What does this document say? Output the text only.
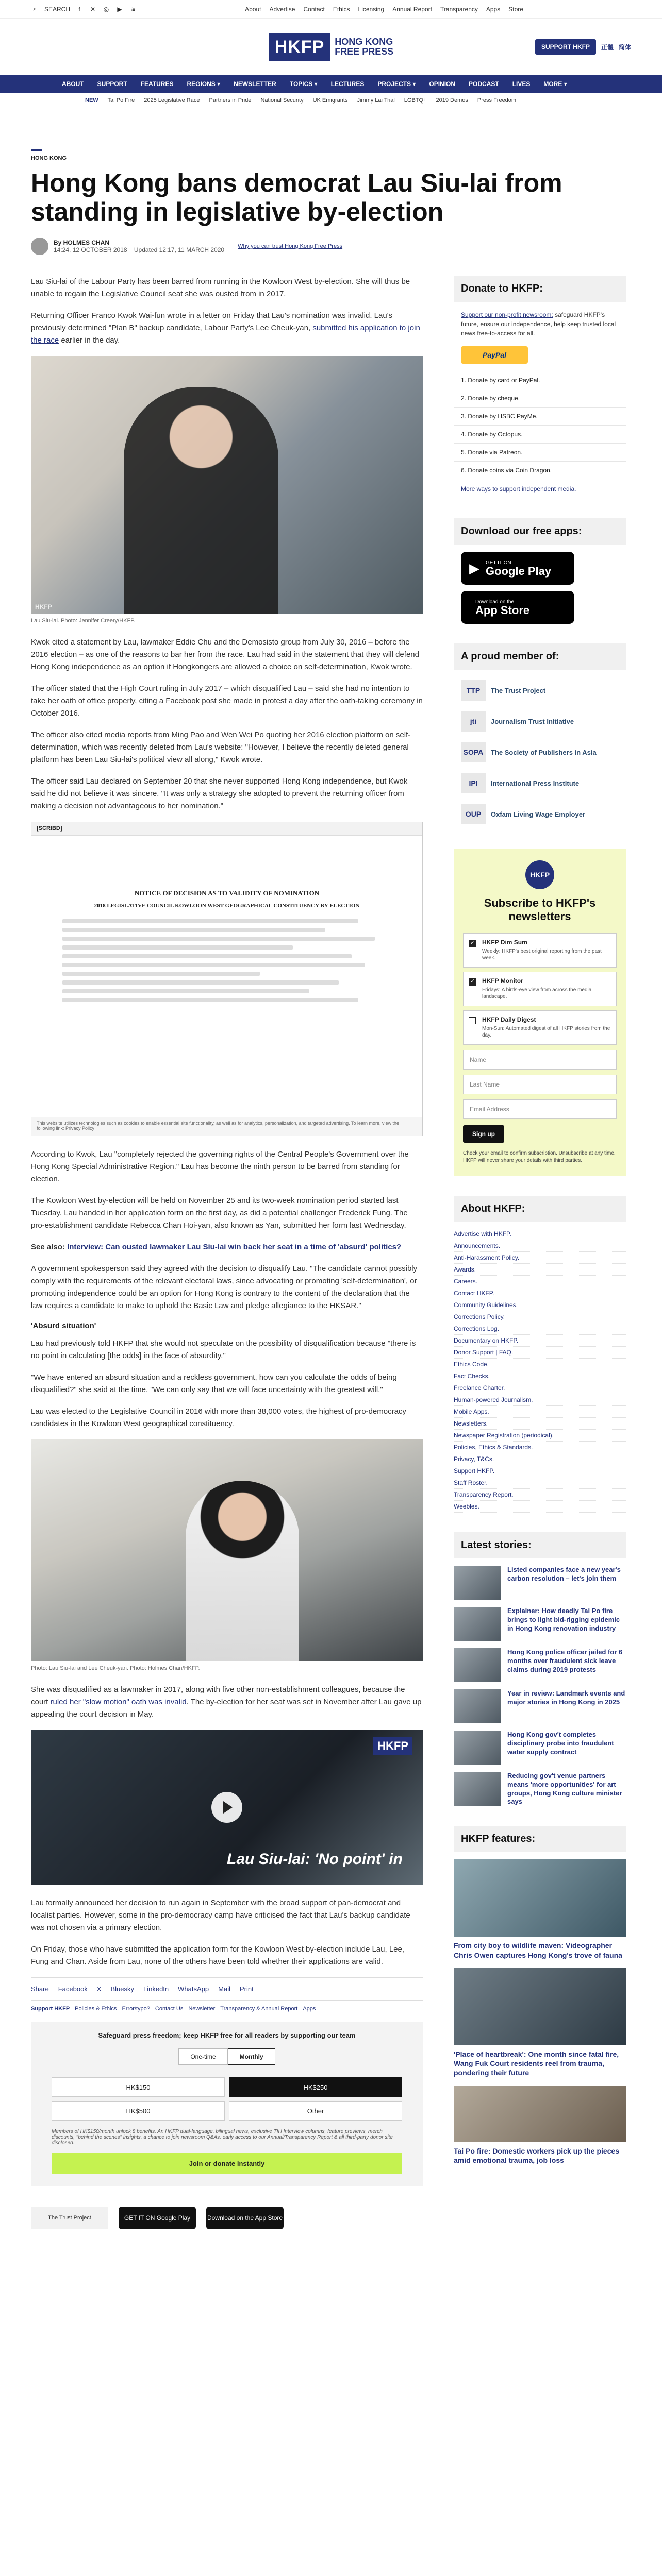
⌕	SEARCH	f	✕ ◎ ▶ ≋	About Advertise Contact Ethics Licensing Annual Report Transparency Apps Store
HKFP	HONG KONG
FREE PRESS	SUPPORT HKFP	正體 简体
ABOUT SUPPORT FEATURES REGIONS ▾ NEWSLETTER TOPICS ▾ LECTURES PROJECTS ▾ OPINION PODCAST LIVES MORE ▾
NEW Tai Po Fire 2025 Legislative Race Partners in Pride National Security UK Emigrants Jimmy Lai Trial LGBTQ+ 2019 Demos Press Freedom
HONG KONG
Hong Kong bans democrat Lau Siu-lai from standing in legislative by-election
By HOLMES CHAN
14:24, 12 OCTOBER 2018 Updated 12:17, 11 MARCH 2020 Why you can trust Hong Kong Free Press

Lau Siu-lai of the Labour Party has been barred from running in the Kowloon West by-election. She will thus be unable to regain the Legislative Council seat she was ousted from in 2017.

Returning Officer Franco Kwok Wai-fun wrote in a letter on Friday that Lau's nomination was invalid. Lau's previously determined "Plan B" backup candidate, Labour Party's Lee Cheuk-yan, submitted his application to join the race earlier in the day.

HKFP
Lau Siu-lai. Photo: Jennifer Creery/HKFP.

Kwok cited a statement by Lau, lawmaker Eddie Chu and the Demosisto group from July 30, 2016 – before the 2016 election – as one of the reasons to bar her from the race. Lau had said in the statement that they will defend Hong Kong independence as an option if Hongkongers are allowed a choice on self-determination, Kwok wrote.

The officer stated that the High Court ruling in July 2017 – which disqualified Lau – said she had no intention to take her oath of office properly, citing a Facebook post she made in protest a day after the oath-taking ceremony in October 2016.

The officer also cited media reports from Ming Pao and Wen Wei Po quoting her 2016 election platform on self-determination, which was recently deleted from Lau's website: "However, I believe the recently deleted general platform has been Lau Siu-lai's political view all along," Kwok wrote.

The officer said Lau declared on September 20 that she never supported Hong Kong independence, but Kwok said he did not believe it was sincere. "It was only a strategy she adopted to prevent the returning officer from making a decision not advantageous to her nomination."

[SCRIBD]
NOTICE OF DECISION AS TO VALIDITY OF NOMINATION
2018 LEGISLATIVE COUNCIL KOWLOON WEST GEOGRAPHICAL CONSTITUENCY BY-ELECTION
This website utilizes technologies such as cookies to enable essential site functionality, as well as for analytics, personalization, and targeted advertising. To learn more, view the following link: Privacy Policy

According to Kwok, Lau "completely rejected the governing rights of the Central People's Government over the Hong Kong Special Administrative Region." Lau has become the ninth person to be barred from standing for election.

The Kowloon West by-election will be held on November 25 and its two-week nomination period started last Tuesday. Lau handed in her application form on the first day, as did a potential challenger Frederick Fung. The pro-establishment candidate Rebecca Chan Hoi-yan, also known as Yan, submitted her form last Wednesday.

See also: Interview: Can ousted lawmaker Lau Siu-lai win back her seat in a time of 'absurd' politics?

A government spokesperson said they agreed with the decision to disqualify Lau. "The candidate cannot possibly comply with the requirements of the relevant electoral laws, since advocating or promoting 'self-determination', or promoting independence could be an option for Hong Kong is contrary to the content of the declaration that the law requires a candidate to make to uphold the Basic Law and pledge allegiance to the HKSAR."

'Absurd situation'

Lau had previously told HKFP that she would not speculate on the possibility of disqualification because "there is no point in calculating [the odds] in the face of absurdity."

"We have entered an absurd situation and a reckless government, how can you calculate the odds of being disqualified?" she said at the time. "We can only say that we will face uncertainty with the greatest will."

Lau was elected to the Legislative Council in 2016 with more than 38,000 votes, the highest of pro-democracy candidates in the Kowloon West geographical constituency.

Photo: Lau Siu-lai and Lee Cheuk-yan. Photo: Holmes Chan/HKFP.

She was disqualified as a lawmaker in 2017, along with five other non-establishment colleagues, because the court ruled her "slow motion" oath was invalid. The by-election for her seat was set in November after Lau gave up appealing the court decision in May.

HKFP
Lau Siu-lai: 'No point' in

Lau formally announced her decision to run again in September with the broad support of pan-democrat and localist parties. However, some in the pro-democracy camp have criticised the fact that Lau's backup candidate was not chosen via a primary election.

On Friday, those who have submitted the application form for the Kowloon West by-election include Lau, Lee, Fung and Chan. Aside from Lau, none of the others have been told whether their applications are valid.

Share Facebook X Bluesky LinkedIn WhatsApp Mail Print
Support HKFP Policies & Ethics Error/typo? Contact Us Newsletter Transparency & Annual Report Apps
Safeguard press freedom; keep HKFP free for all readers by supporting our team
One-time	Monthly
HK$150	HK$250
HK$500	Other
Members of HK$150/month unlock 8 benefits. An HKFP dual-language, bilingual news, exclusive TIH Interview columns, feature previews, merch discounts, "behind the scenes" insights, a chance to join newsroom Q&As, early access to our Annual/Transparency Report & all third-party donor site disclosed.
Join or donate instantly
The Trust Project	GET IT ON Google Play	Download on the App Store
Donate to HKFP:
Support our non-profit newsroom: safeguard HKFP's future, ensure our independence, help keep trusted local news free-to-access for all.
PayPal
1. Donate by card or PayPal.
2. Donate by cheque.
3. Donate by HSBC PayMe.
4. Donate by Octopus.
5. Donate via Patreon.
6. Donate coins via Coin Dragon.
More ways to support independent media.
Download our free apps:
▶ GET IT ON
Google Play
Download on the
App Store
A proud member of:
TTP	The Trust Project
jti	Journalism Trust Initiative
SOPA	The Society of Publishers in Asia
IPI	International Press Institute
OUP	Oxfam Living Wage Employer
HKFP
Subscribe to HKFP's newsletters
✓
HKFP Dim Sum
Weekly: HKFP's best original reporting from the past week.
✓
HKFP Monitor
Fridays: A birds-eye view from across the media landscape.
HKFP Daily Digest
Mon-Sun: Automated digest of all HKFP stories from the day.
Name
Last Name
Email Address
Sign up
Check your email to confirm subscription. Unsubscribe at any time. HKFP will never share your details with third parties.
About HKFP:
Advertise with HKFP.
Announcements.
Anti-Harassment Policy.
Awards.
Careers.
Contact HKFP.
Community Guidelines.
Corrections Policy.
Corrections Log.
Documentary on HKFP.
Donor Support | FAQ.
Ethics Code.
Fact Checks.
Freelance Charter.
Human-powered Journalism.
Mobile Apps.
Newsletters.
Newspaper Registration (periodical).
Policies, Ethics & Standards.
Privacy, T&Cs.
Support HKFP.
Staff Roster.
Transparency Report.
Weebles.
Latest stories:
Listed companies face a new year's carbon resolution – let's join them
Explainer: How deadly Tai Po fire brings to light bid-rigging epidemic in Hong Kong renovation industry
Hong Kong police officer jailed for 6 months over fraudulent sick leave claims during 2019 protests
Year in review: Landmark events and major stories in Hong Kong in 2025
Hong Kong gov't completes disciplinary probe into fraudulent water supply contract
Reducing gov't venue partners means 'more opportunities' for art groups, Hong Kong culture minister says
HKFP features:
From city boy to wildlife maven: Videographer Chris Owen captures Hong Kong's trove of fauna
'Place of heartbreak': One month since fatal fire, Wang Fuk Court residents reel from trauma, pondering their future
Tai Po fire: Domestic workers pick up the pieces amid emotional trauma, job loss
